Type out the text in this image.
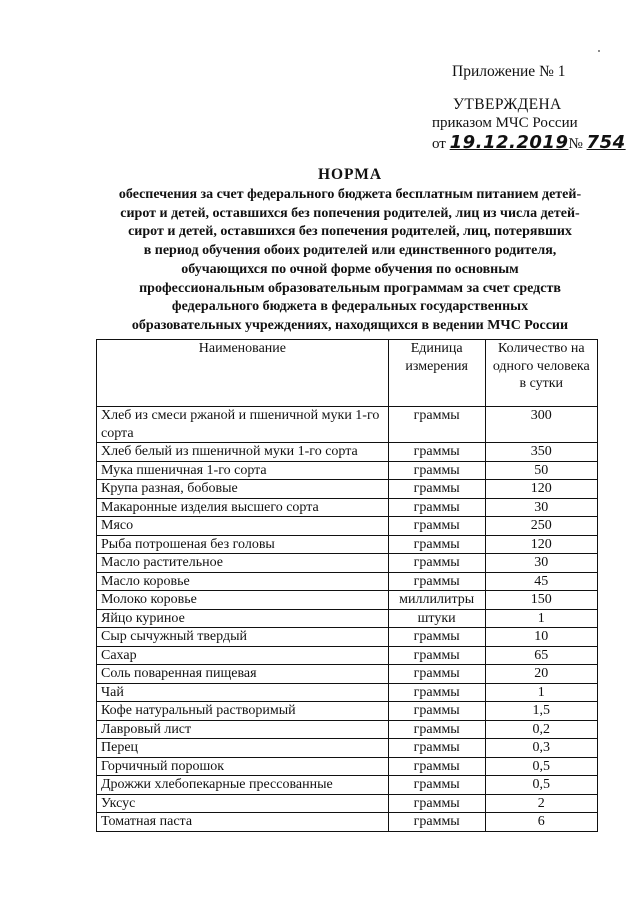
Приложение № 1
УТВЕРЖДЕНА
приказом МЧС России
от 19.12.2019№ 754
НОРМА
обеспечения за счет федерального бюджета бесплатным питанием детей-
сирот и детей, оставшихся без попечения родителей, лиц из числа детей-
сирот и детей, оставшихся без попечения родителей, лиц, потерявших
в период обучения обоих родителей или единственного родителя,
обучающихся по очной форме обучения по основным
профессиональным образовательным программам за счет средств
федерального бюджета в федеральных государственных
образовательных учреждениях, находящихся в ведении МЧС России
Наименование	Единица измерения	Количество на одного человека в сутки
Хлеб из смеси ржаной и пшеничной муки 1-го сорта	граммы	300
Хлеб белый из пшеничной муки 1-го сорта	граммы	350
Мука пшеничная 1-го сорта	граммы	50
Крупа разная, бобовые	граммы	120
Макаронные изделия высшего сорта	граммы	30
Мясо	граммы	250
Рыба потрошеная без головы	граммы	120
Масло растительное	граммы	30
Масло коровье	граммы	45
Молоко коровье	миллилитры	150
Яйцо куриное	штуки	1
Сыр сычужный твердый	граммы	10
Сахар	граммы	65
Соль поваренная пищевая	граммы	20
Чай	граммы	1
Кофе натуральный растворимый	граммы	1,5
Лавровый лист	граммы	0,2
Перец	граммы	0,3
Горчичный порошок	граммы	0,5
Дрожжи хлебопекарные прессованные	граммы	0,5
Уксус	граммы	2
Томатная паста	граммы	6
